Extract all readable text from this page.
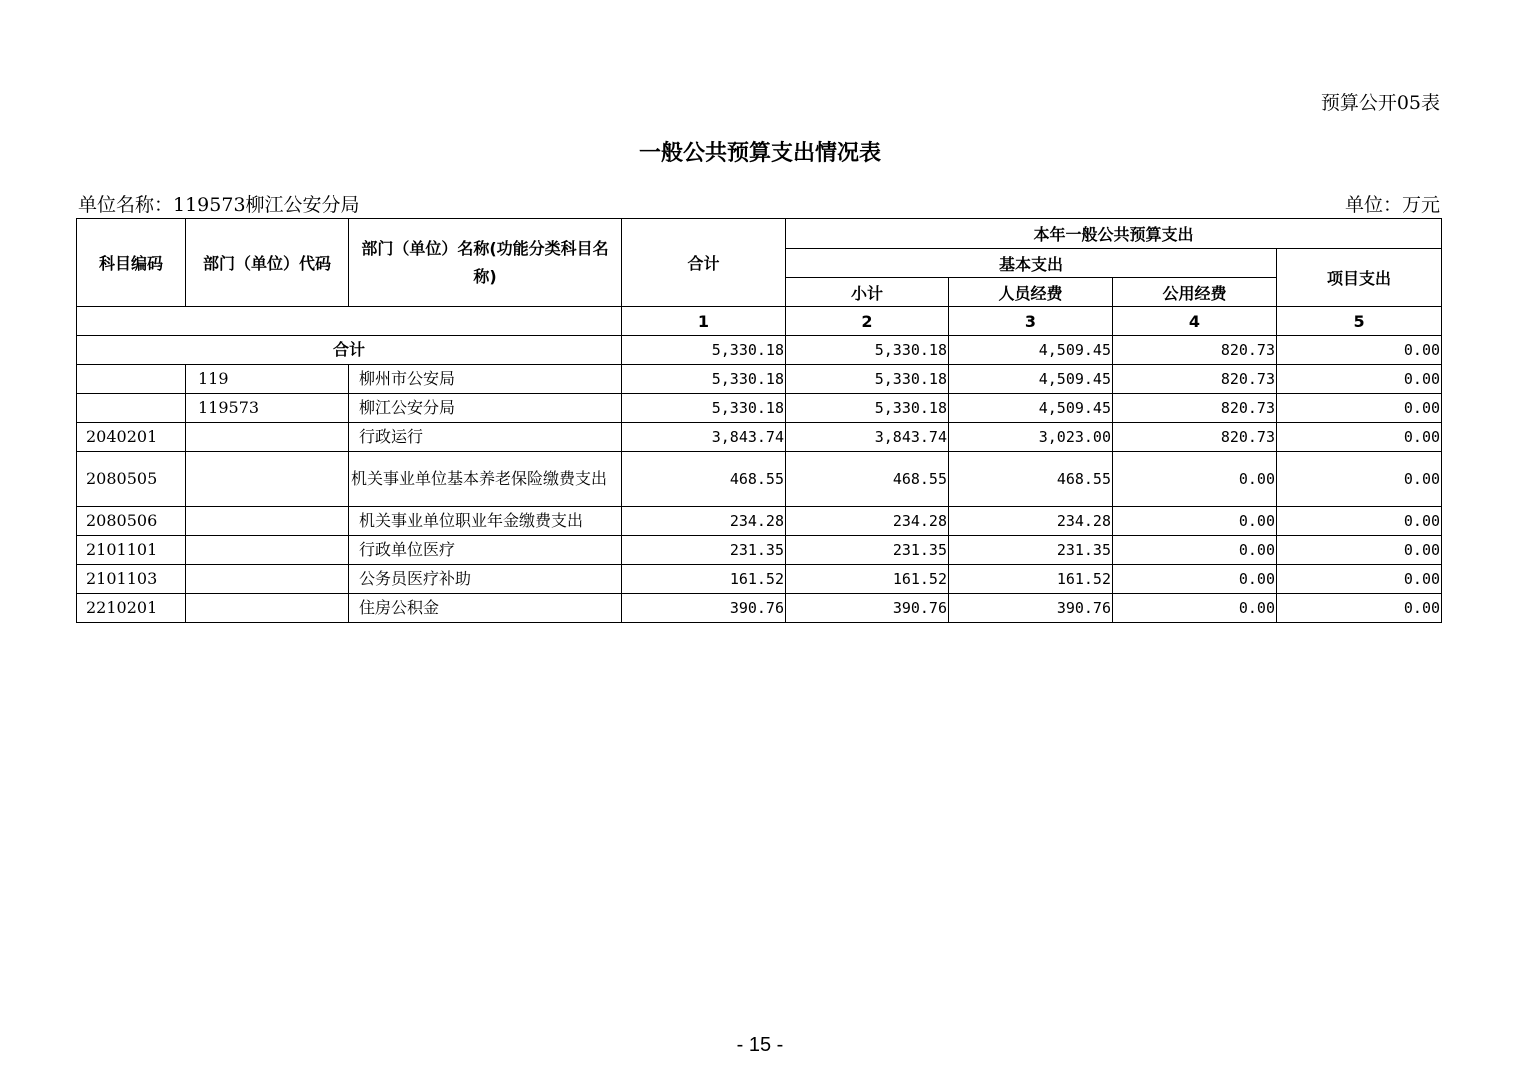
预算公开05表
一般公共预算支出情况表
单位名称：119573柳江公安分局	单位：万元
科目编码	部门（单位）代码	部门（单位）名称(功能分类科目名称)	合计	本年一般公共预算支出			
				基本支出			项目支出
				小计	人员经费	公用经费	
			1	2	3	4	5
合计			5,330.18	5,330.18	4,509.45	820.73	0.00
	119	柳州市公安局	5,330.18	5,330.18	4,509.45	820.73	0.00
	119573	柳江公安分局	5,330.18	5,330.18	4,509.45	820.73	0.00
2040201		行政运行	3,843.74	3,843.74	3,023.00	820.73	0.00
2080505		机关事业单位基本养老保险缴费支出	468.55	468.55	468.55	0.00	0.00
2080506		机关事业单位职业年金缴费支出	234.28	234.28	234.28	0.00	0.00
2101101		行政单位医疗	231.35	231.35	231.35	0.00	0.00
2101103		公务员医疗补助	161.52	161.52	161.52	0.00	0.00
2210201		住房公积金	390.76	390.76	390.76	0.00	0.00
- 15 -
